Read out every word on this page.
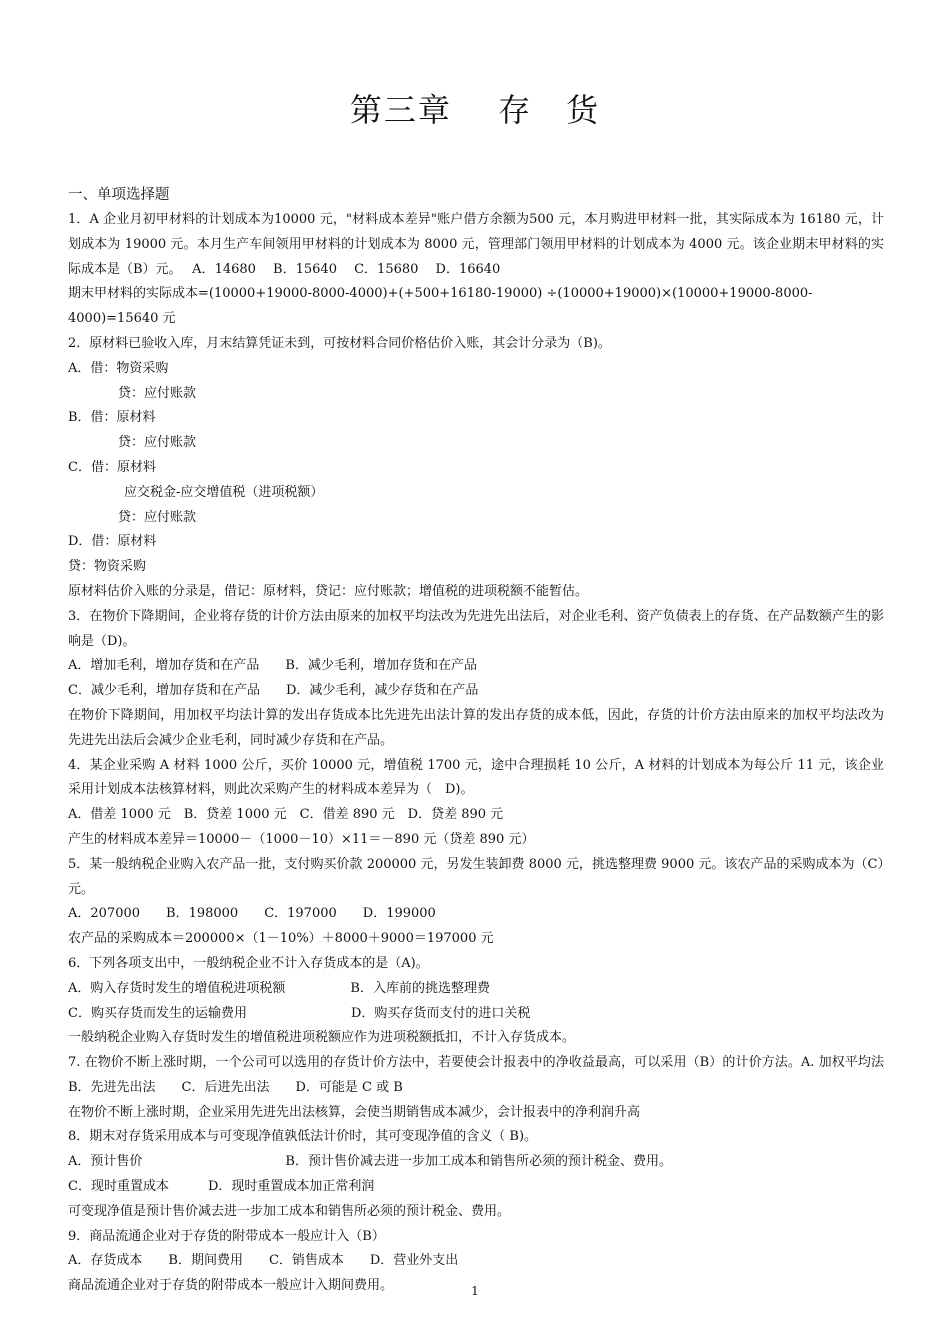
第三章　 存　货

一、单项选择题

1．A 企业月初甲材料的计划成本为10000 元，"材料成本差异"账户借方余额为500 元，本月购进甲材料一批，其实际成本为 16180 元，计划成本为 19000 元。本月生产车间领用甲材料的计划成本为 8000 元，管理部门领用甲材料的计划成本为 4000 元。该企业期末甲材料的实际成本是（B）元。　 A．14680　 B．15640　 C．15680　 D．16640

期末甲材料的实际成本=(10000+19000-8000-4000)+(+500+16180-19000) ÷(10000+19000)×(10000+19000-8000-4000)=15640 元

2．原材料已验收入库，月末结算凭证未到，可按材料合同价格估价入账，其会计分录为（B)。

A．借：物资采购

贷：应付账款

B．借：原材料

贷：应付账款

C．借：原材料

应交税金-应交增值税（进项税额）

贷：应付账款

D．借：原材料

贷：物资采购

原材料估价入账的分录是，借记：原材料，贷记：应付账款；增值税的进项税额不能暂估。

3．在物价下降期间，企业将存货的计价方法由原来的加权平均法改为先进先出法后，对企业毛利、资产负债表上的存货、在产品数额产生的影响是（D)。

A．增加毛利，增加存货和在产品　　B．减少毛利，增加存货和在产品

C．减少毛利，增加存货和在产品　　D．减少毛利，减少存货和在产品

在物价下降期间，用加权平均法计算的发出存货成本比先进先出法计算的发出存货的成本低，因此，存货的计价方法由原来的加权平均法改为先进先出法后会减少企业毛利，同时减少存货和在产品。

4．某企业采购 A 材料 1000 公斤，买价 10000 元，增值税 1700 元，途中合理损耗 10 公斤，A 材料的计划成本为每公斤 11 元，该企业采用计划成本法核算材料，则此次采购产生的材料成本差异为（　D)。

A．借差 1000 元　B．贷差 1000 元　C．借差 890 元　D．贷差 890 元

产生的材料成本差异＝10000－（1000－10）×11＝－890 元（贷差 890 元）

5．某一般纳税企业购入农产品一批，支付购买价款 200000 元，另发生装卸费 8000 元，挑选整理费 9000 元。该农产品的采购成本为（C）元。

A．207000　　B．198000　　C．197000　　D．199000

农产品的采购成本＝200000×（1－10%）＋8000＋9000＝197000 元

6．下列各项支出中，一般纳税企业不计入存货成本的是（A)。

A．购入存货时发生的增值税进项税额　　　　　B．入库前的挑选整理费

C．购买存货而发生的运输费用　　　　　　　　D．购买存货而支付的进口关税

一般纳税企业购入存货时发生的增值税进项税额应作为进项税额抵扣，不计入存货成本。

7. 在物价不断上涨时期，一个公司可以选用的存货计价方法中，若要使会计报表中的净收益最高，可以采用（B）的计价方法。A. 加权平均法　　B．先进先出法　　C．后进先出法　　D．可能是 C 或 B

在物价不断上涨时期，企业采用先进先出法核算，会使当期销售成本减少，会计报表中的净利润升高

8．期末对存货采用成本与可变现净值孰低法计价时，其可变现净值的含义（ B)。

A．预计售价　　　　　　　　　　　B．预计售价减去进一步加工成本和销售所必须的预计税金、费用。

C．现时重置成本　　　D．现时重置成本加正常利润

可变现净值是预计售价减去进一步加工成本和销售所必须的预计税金、费用。

9．商品流通企业对于存货的附带成本一般应计入（B）

A．存货成本　　B．期间费用　　C．销售成本　　D．营业外支出

商品流通企业对于存货的附带成本一般应计入期间费用。	1
